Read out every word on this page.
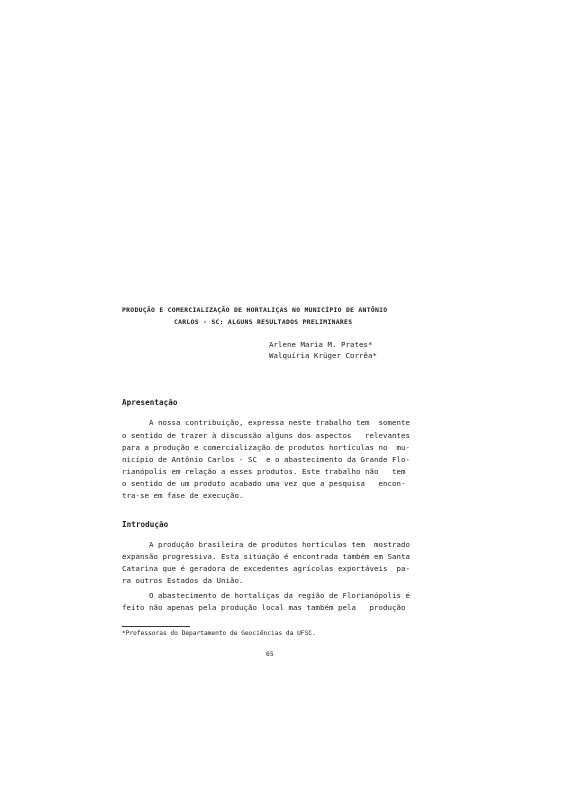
PRODUÇÃO E COMERCIALIZAÇÃO DE HORTALIÇAS NO MUNICÍPIO DE ANTÔNIO
CARLOS - SC: ALGUNS RESULTADOS PRELIMINARES
Arlene Maria M. Prates*
Walquíria Krüger Corrêa*
Apresentação
A nossa contribuição, expressa neste trabalho tem  somente
o sentido de trazer à discussão alguns dos aspectos   relevantes
para a produção e comercialização de produtos hortículas no  mu-
nicípio de Antônio Carlos - SC  e o abastecimento da Grande Flo-
rianópolis em relação a esses produtos. Este trabalho não   tem
o sentido de um produto acabado uma vez que a pesquisa   encon-
tra-se em fase de execução.
Introdução
A produção brasileira de produtos hortículas tem  mostrado
expansão progressiva. Esta situação é encontrada também em Santa
Catarina que é geradora de excedentes agrícolas exportáveis  pa-
ra outros Estados da União.
O abastecimento de hortaliças da região de Florianópolis é
feito não apenas pela produção local mas também pela   produção
*Professoras do Departamento de Geociências da UFSC.
65
